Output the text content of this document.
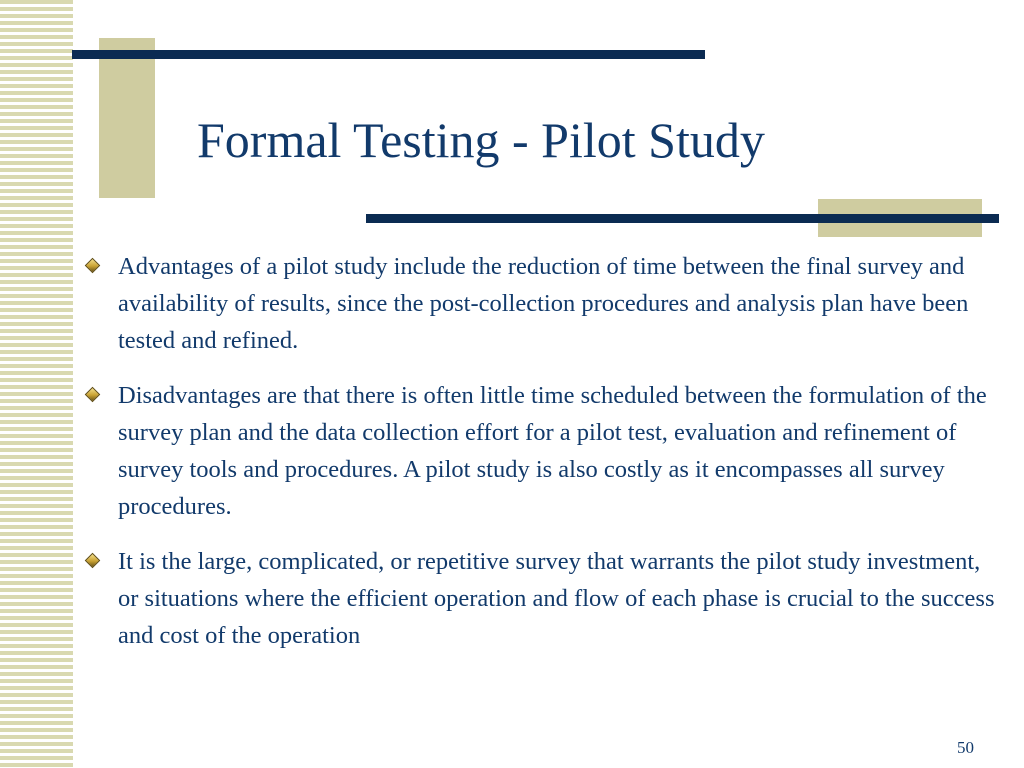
Formal Testing - Pilot Study
Advantages of a pilot study include the reduction of time between the final survey and availability of results, since the post-collection procedures and analysis plan have been tested and refined.
Disadvantages are that there is often little time scheduled between the formulation of the survey plan and the data collection effort for a pilot test, evaluation and refinement of survey tools and procedures. A pilot study is also costly as it encompasses all survey procedures.
It is the large, complicated, or repetitive survey that warrants the pilot study investment, or situations where the efficient operation and flow of each phase is crucial to the success and cost of the operation
50
